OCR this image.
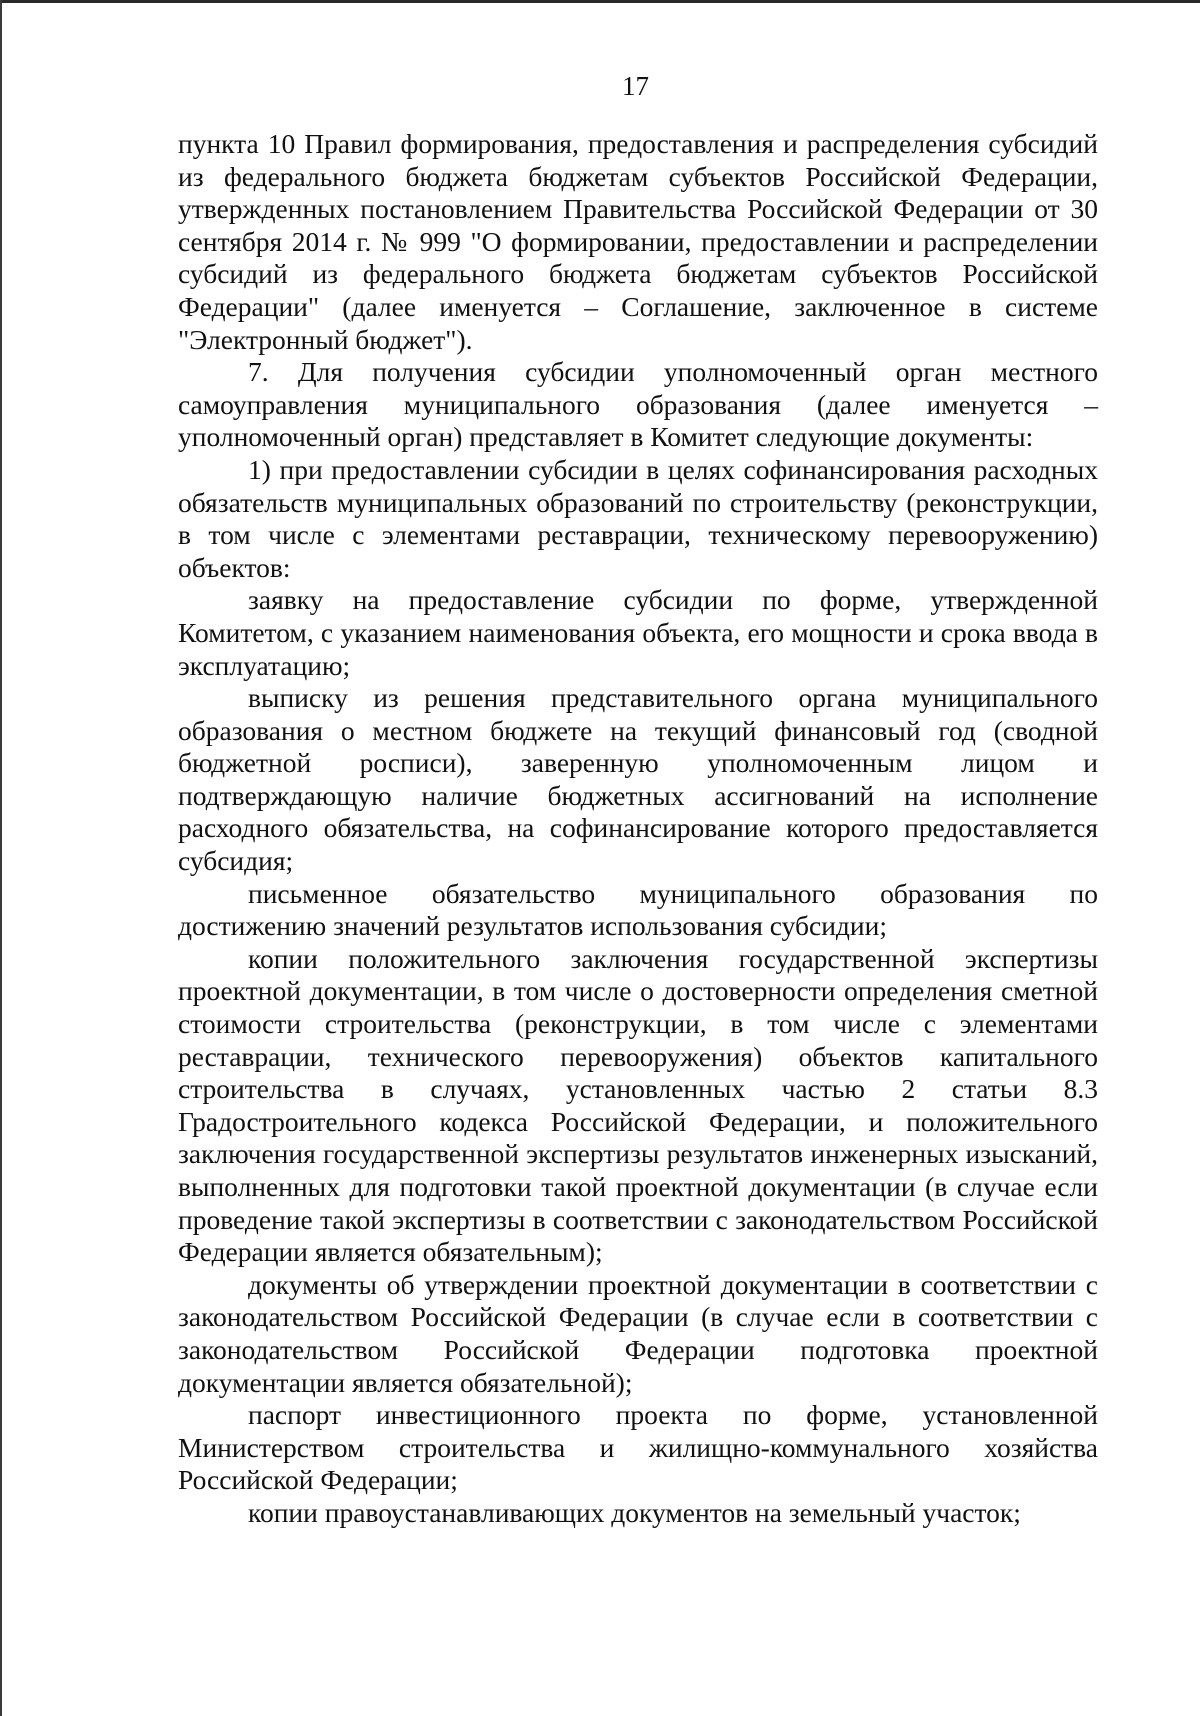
17

пункта 10 Правил формирования, предоставления и распределения субсидий из федерального бюджета бюджетам субъектов Российской Федерации, утвержденных постановлением Правительства Российской Федерации от 30 сентября 2014 г. № 999 "О формировании, предоставлении и распределении субсидий из федерального бюджета бюджетам субъектов Российской Федерации" (далее именуется – Соглашение, заключенное в системе "Электронный бюджет").

7. Для получения субсидии уполномоченный орган местного самоуправления муниципального образования (далее именуется – уполномоченный орган) представляет в Комитет следующие документы:

1) при предоставлении субсидии в целях софинансирования расходных обязательств муниципальных образований по строительству (реконструкции, в том числе с элементами реставрации, техническому перевооружению) объектов:

заявку на предоставление субсидии по форме, утвержденной Комитетом, с указанием наименования объекта, его мощности и срока ввода в эксплуатацию;

выписку из решения представительного органа муниципального образования о местном бюджете на текущий финансовый год (сводной бюджетной росписи), заверенную уполномоченным лицом и подтверждающую наличие бюджетных ассигнований на исполнение расходного обязательства, на софинансирование которого предоставляется субсидия;

письменное обязательство муниципального образования по достижению значений результатов использования субсидии;

копии положительного заключения государственной экспертизы проектной документации, в том числе о достоверности определения сметной стоимости строительства (реконструкции, в том числе с элементами реставрации, технического перевооружения) объектов капитального строительства в случаях, установленных частью 2 статьи 8.3 Градостроительного кодекса Российской Федерации, и положительного заключения государственной экспертизы результатов инженерных изысканий, выполненных для подготовки такой проектной документации (в случае если проведение такой экспертизы в соответствии с законодательством Российской Федерации является обязательным);

документы об утверждении проектной документации в соответствии с законодательством Российской Федерации (в случае если в соответствии с законодательством Российской Федерации подготовка проектной документации является обязательной);

паспорт инвестиционного проекта по форме, установленной Министерством строительства и жилищно-коммунального хозяйства Российской Федерации;

копии правоустанавливающих документов на земельный участок;
